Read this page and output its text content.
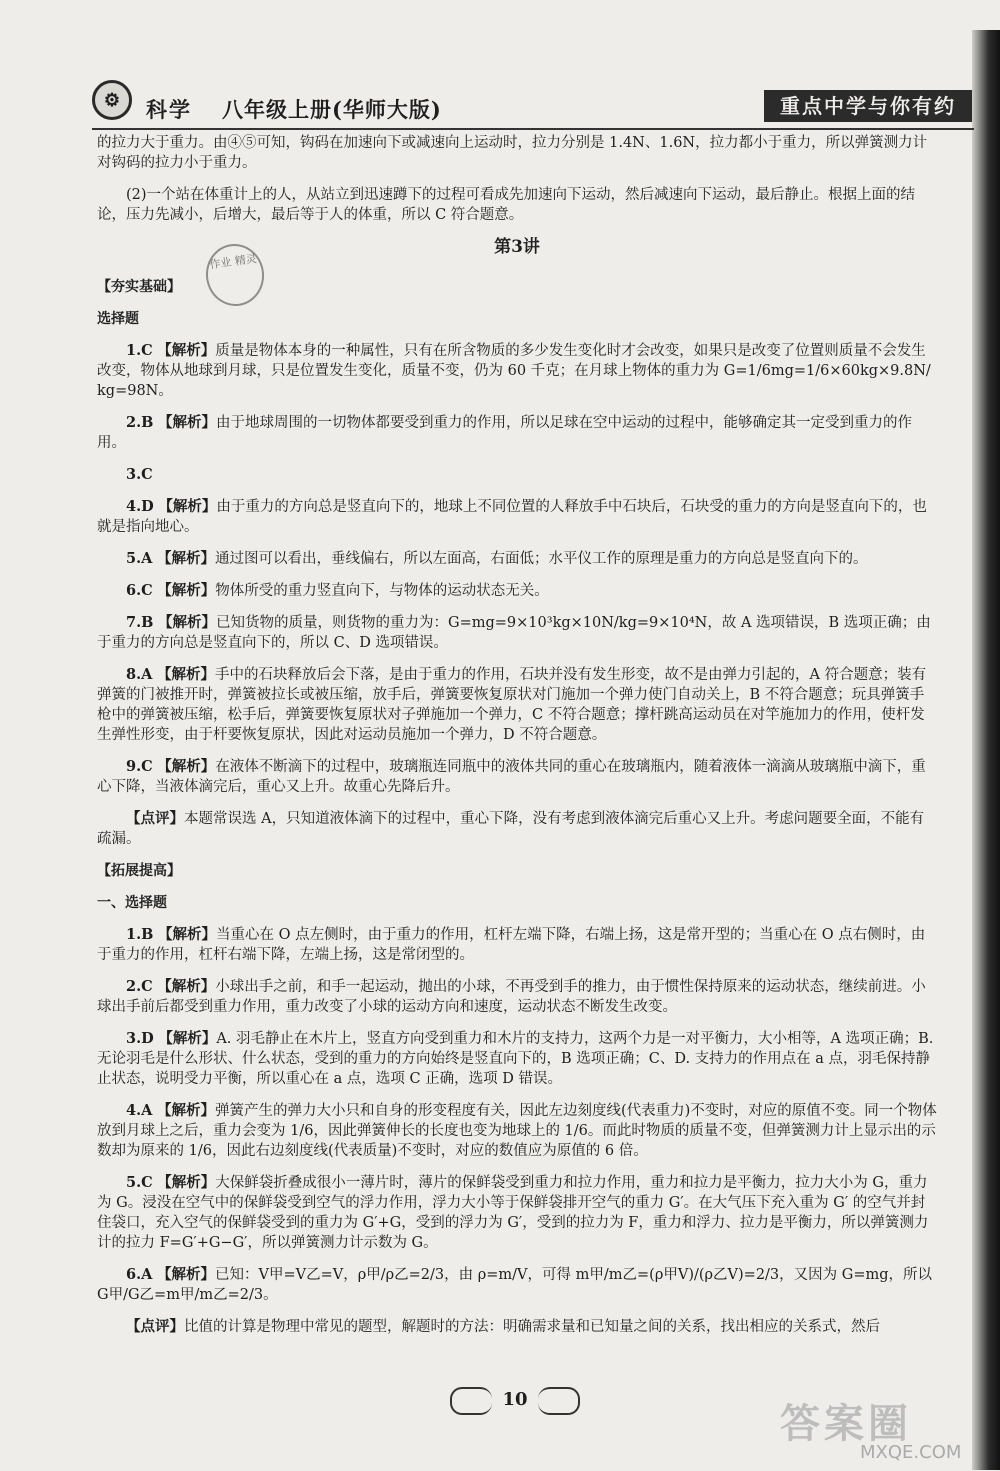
⚙	科学 八年级上册(华师大版)	重点中学与你有约
作业 精灵

的拉力大于重力。由④⑤可知，钩码在加速向下或减速向上运动时，拉力分别是 1.4N、1.6N，拉力都小于重力，所以弹簧测力计对钩码的拉力小于重力。

(2)一个站在体重计上的人，从站立到迅速蹲下的过程可看成先加速向下运动，然后减速向下运动，最后静止。根据上面的结论，压力先减小，后增大，最后等于人的体重，所以 C 符合题意。

第3讲
【夯实基础】
选择题

1.C 【解析】质量是物体本身的一种属性，只有在所含物质的多少发生变化时才会改变，如果只是改变了位置则质量不会发生改变，物体从地球到月球，只是位置发生变化，质量不变，仍为 60 千克；在月球上物体的重力为 G=1/6mg=1/6×60kg×9.8N/kg=98N。

2.B 【解析】由于地球周围的一切物体都要受到重力的作用，所以足球在空中运动的过程中，能够确定其一定受到重力的作用。

3.C

4.D 【解析】由于重力的方向总是竖直向下的，地球上不同位置的人释放手中石块后，石块受的重力的方向是竖直向下的，也就是指向地心。

5.A 【解析】通过图可以看出，垂线偏右，所以左面高，右面低；水平仪工作的原理是重力的方向总是竖直向下的。

6.C 【解析】物体所受的重力竖直向下，与物体的运动状态无关。

7.B 【解析】已知货物的质量，则货物的重力为：G=mg=9×10³kg×10N/kg=9×10⁴N，故 A 选项错误，B 选项正确；由于重力的方向总是竖直向下的，所以 C、D 选项错误。

8.A 【解析】手中的石块释放后会下落，是由于重力的作用，石块并没有发生形变，故不是由弹力引起的，A 符合题意；装有弹簧的门被推开时，弹簧被拉长或被压缩，放手后，弹簧要恢复原状对门施加一个弹力使门自动关上，B 不符合题意；玩具弹簧手枪中的弹簧被压缩，松手后，弹簧要恢复原状对子弹施加一个弹力，C 不符合题意；撑杆跳高运动员在对竿施加力的作用，使杆发生弹性形变，由于杆要恢复原状，因此对运动员施加一个弹力，D 不符合题意。

9.C 【解析】在液体不断滴下的过程中，玻璃瓶连同瓶中的液体共同的重心在玻璃瓶内，随着液体一滴滴从玻璃瓶中滴下，重心下降，当液体滴完后，重心又上升。故重心先降后升。

【点评】本题常误选 A，只知道液体滴下的过程中，重心下降，没有考虑到液体滴完后重心又上升。考虑问题要全面，不能有疏漏。

【拓展提高】
一、选择题

1.B 【解析】当重心在 O 点左侧时，由于重力的作用，杠杆左端下降，右端上扬，这是常开型的；当重心在 O 点右侧时，由于重力的作用，杠杆右端下降，左端上扬，这是常闭型的。

2.C 【解析】小球出手之前，和手一起运动，抛出的小球，不再受到手的推力，由于惯性保持原来的运动状态，继续前进。小球出手前后都受到重力作用，重力改变了小球的运动方向和速度，运动状态不断发生改变。

3.D 【解析】A. 羽毛静止在木片上，竖直方向受到重力和木片的支持力，这两个力是一对平衡力，大小相等，A 选项正确；B. 无论羽毛是什么形状、什么状态，受到的重力的方向始终是竖直向下的，B 选项正确；C、D. 支持力的作用点在 a 点，羽毛保持静止状态，说明受力平衡，所以重心在 a 点，选项 C 正确，选项 D 错误。

4.A 【解析】弹簧产生的弹力大小只和自身的形变程度有关，因此左边刻度线(代表重力)不变时，对应的原值不变。同一个物体放到月球上之后，重力会变为 1/6，因此弹簧伸长的长度也变为地球上的 1/6。而此时物质的质量不变，但弹簧测力计上显示出的示数却为原来的 1/6，因此右边刻度线(代表质量)不变时，对应的数值应为原值的 6 倍。

5.C 【解析】大保鲜袋折叠成很小一薄片时，薄片的保鲜袋受到重力和拉力作用，重力和拉力是平衡力，拉力大小为 G，重力为 G。浸没在空气中的保鲜袋受到空气的浮力作用，浮力大小等于保鲜袋排开空气的重力 G′。在大气压下充入重为 G′ 的空气并封住袋口，充入空气的保鲜袋受到的重力为 G′+G，受到的浮力为 G′，受到的拉力为 F，重力和浮力、拉力是平衡力，所以弹簧测力计的拉力 F=G′+G−G′，所以弹簧测力计示数为 G。

6.A 【解析】已知：V甲=V乙=V，ρ甲/ρ乙=2/3，由 ρ=m/V，可得 m甲/m乙=(ρ甲V)/(ρ乙V)=2/3，又因为 G=mg，所以 G甲/G乙=m甲/m乙=2/3。

【点评】比值的计算是物理中常见的题型，解题时的方法：明确需求量和已知量之间的关系，找出相应的关系式，然后

10
答案圈
MXQE.COM
